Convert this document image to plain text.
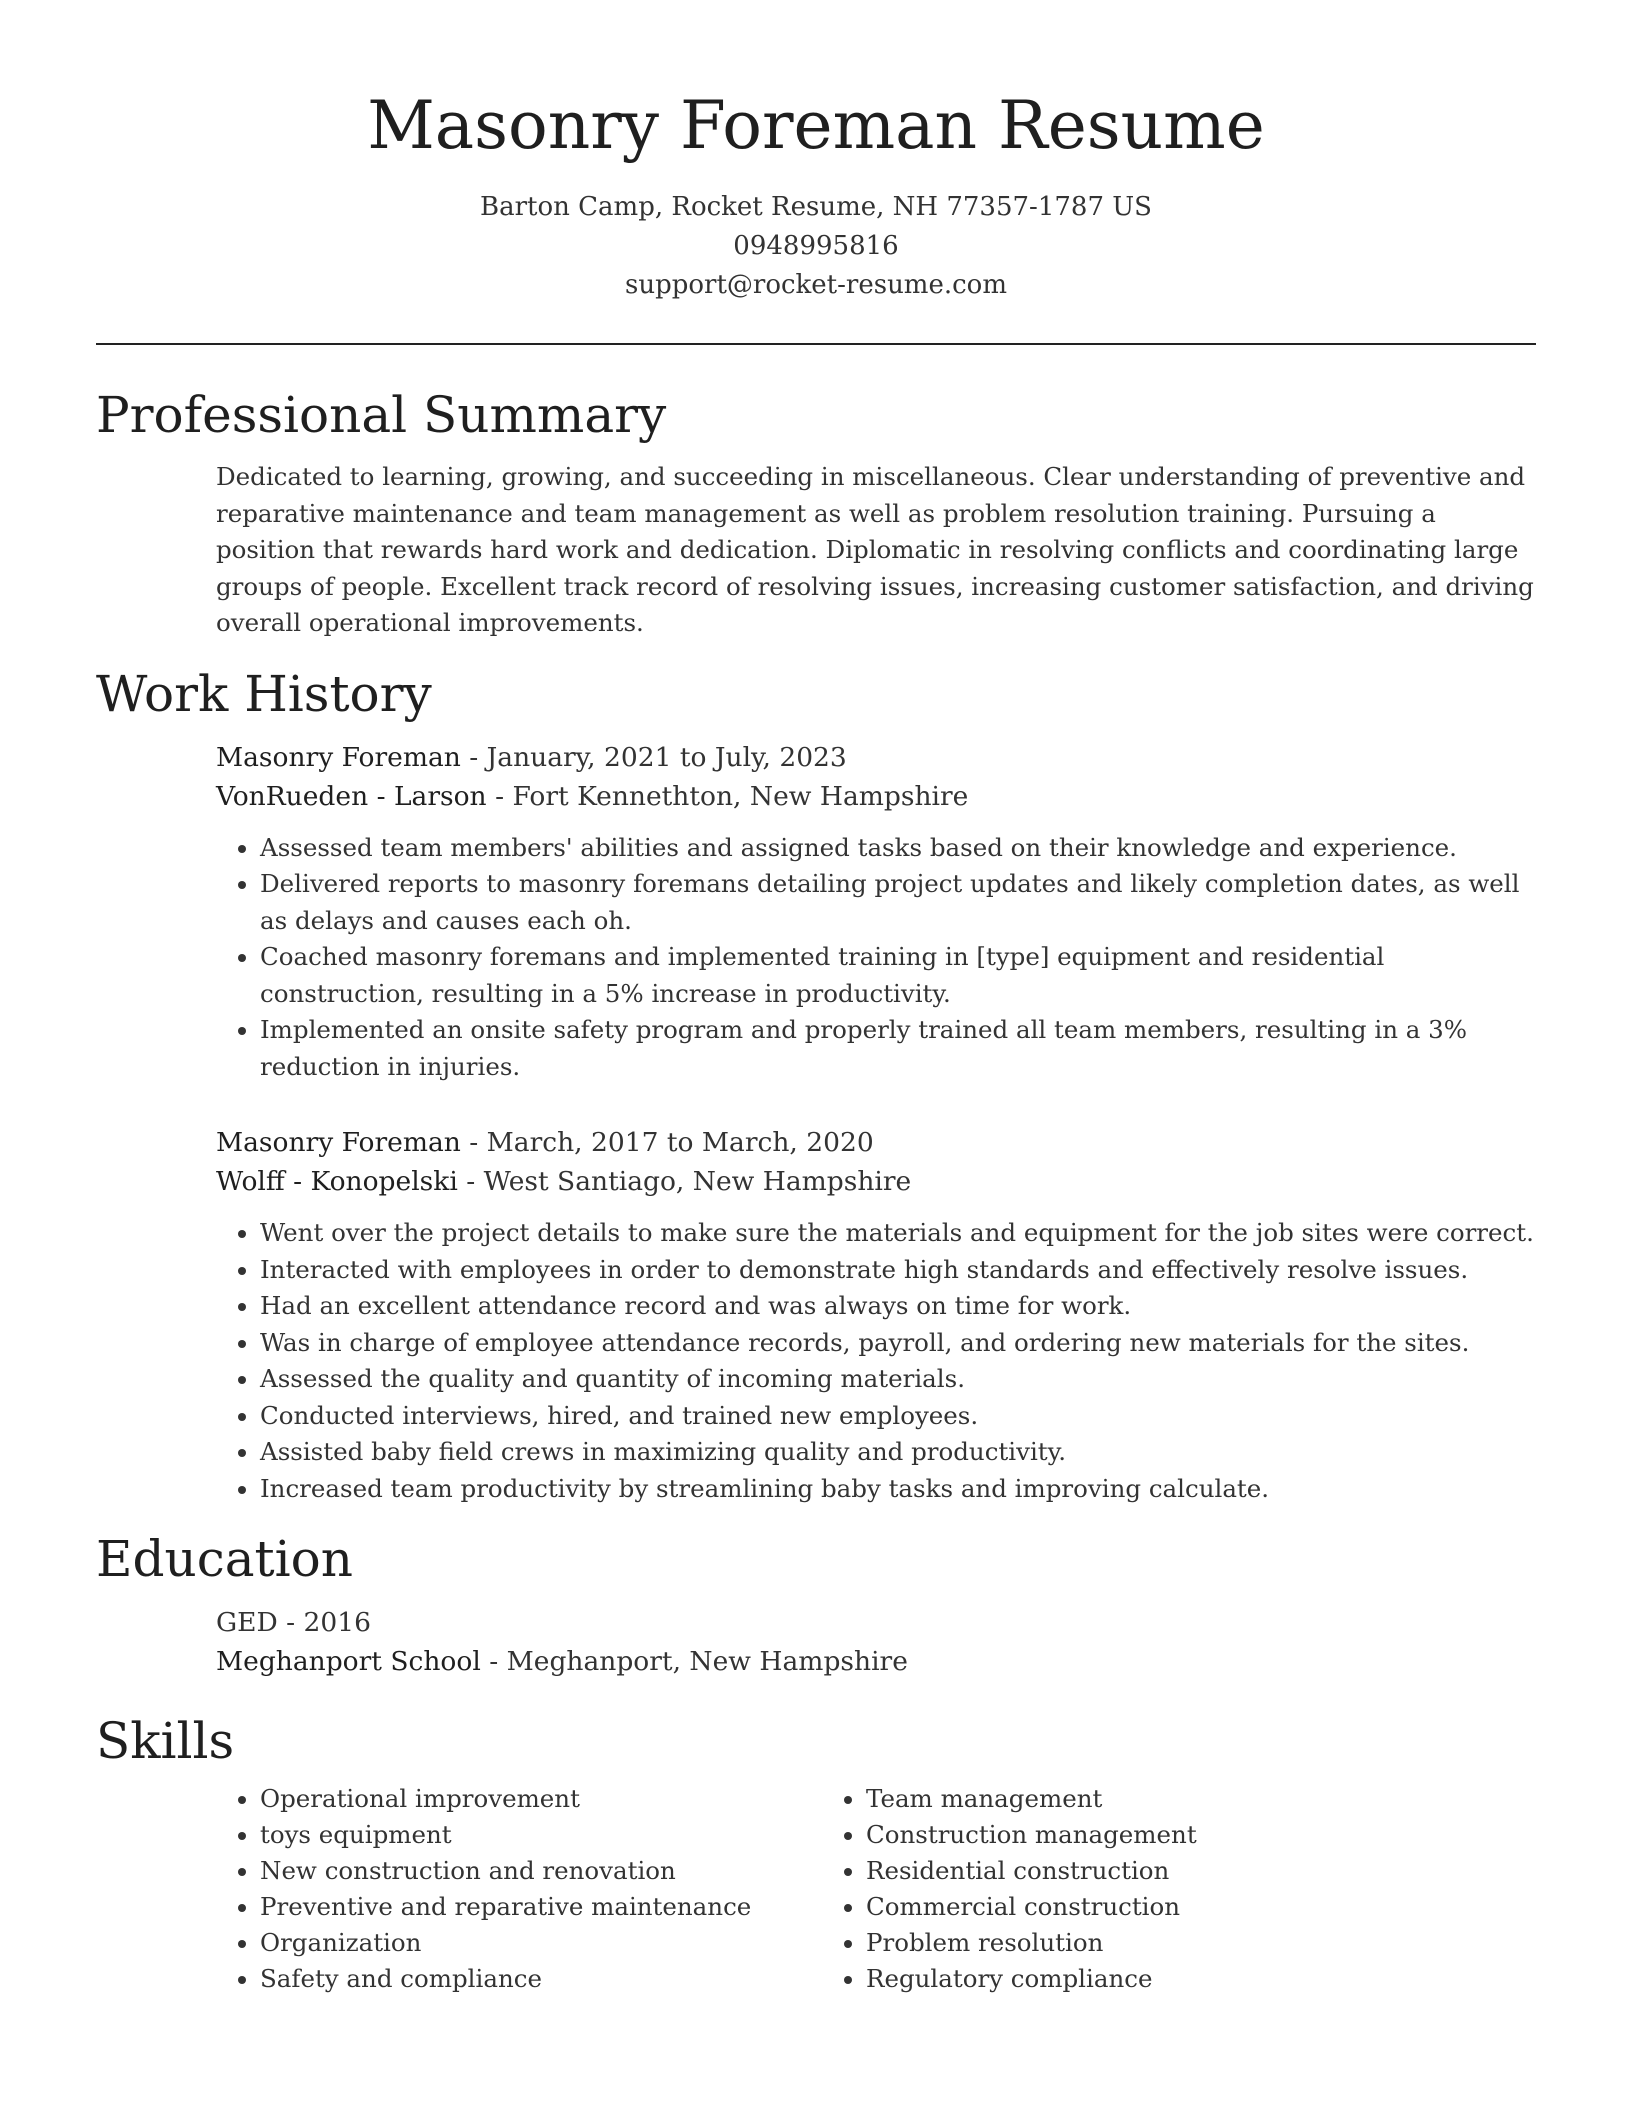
Masonry Foreman Resume
Barton Camp, Rocket Resume, NH 77357-1787 US
0948995816
support@rocket-resume.com
Professional Summary

Dedicated to learning, growing, and succeeding in miscellaneous. Clear understanding of preventive and reparative maintenance and team management as well as problem resolution training. Pursuing a position that rewards hard work and dedication. Diplomatic in resolving conflicts and coordinating large groups of people. Excellent track record of resolving issues, increasing customer satisfaction, and driving overall operational improvements.

Work History
Masonry Foreman - January, 2021 to July, 2023
VonRueden - Larson - Fort Kennethton, New Hampshire
• Assessed team members' abilities and assigned tasks based on their knowledge and experience.
• Delivered reports to masonry foremans detailing project updates and likely completion dates, as well as delays and causes each oh.
• Coached masonry foremans and implemented training in [type] equipment and residential construction, resulting in a 5% increase in productivity.
• Implemented an onsite safety program and properly trained all team members, resulting in a 3% reduction in injuries.
Masonry Foreman - March, 2017 to March, 2020
Wolff - Konopelski - West Santiago, New Hampshire
• Went over the project details to make sure the materials and equipment for the job sites were correct.
• Interacted with employees in order to demonstrate high standards and effectively resolve issues.
• Had an excellent attendance record and was always on time for work.
• Was in charge of employee attendance records, payroll, and ordering new materials for the sites.
• Assessed the quality and quantity of incoming materials.
• Conducted interviews, hired, and trained new employees.
• Assisted baby field crews in maximizing quality and productivity.
• Increased team productivity by streamlining baby tasks and improving calculate.
Education
GED - 2016
Meghanport School - Meghanport, New Hampshire
Skills
• Operational improvement
• toys equipment
• New construction and renovation
• Preventive and reparative maintenance
• Organization
• Safety and compliance
• Team management
• Construction management
• Residential construction
• Commercial construction
• Problem resolution
• Regulatory compliance
